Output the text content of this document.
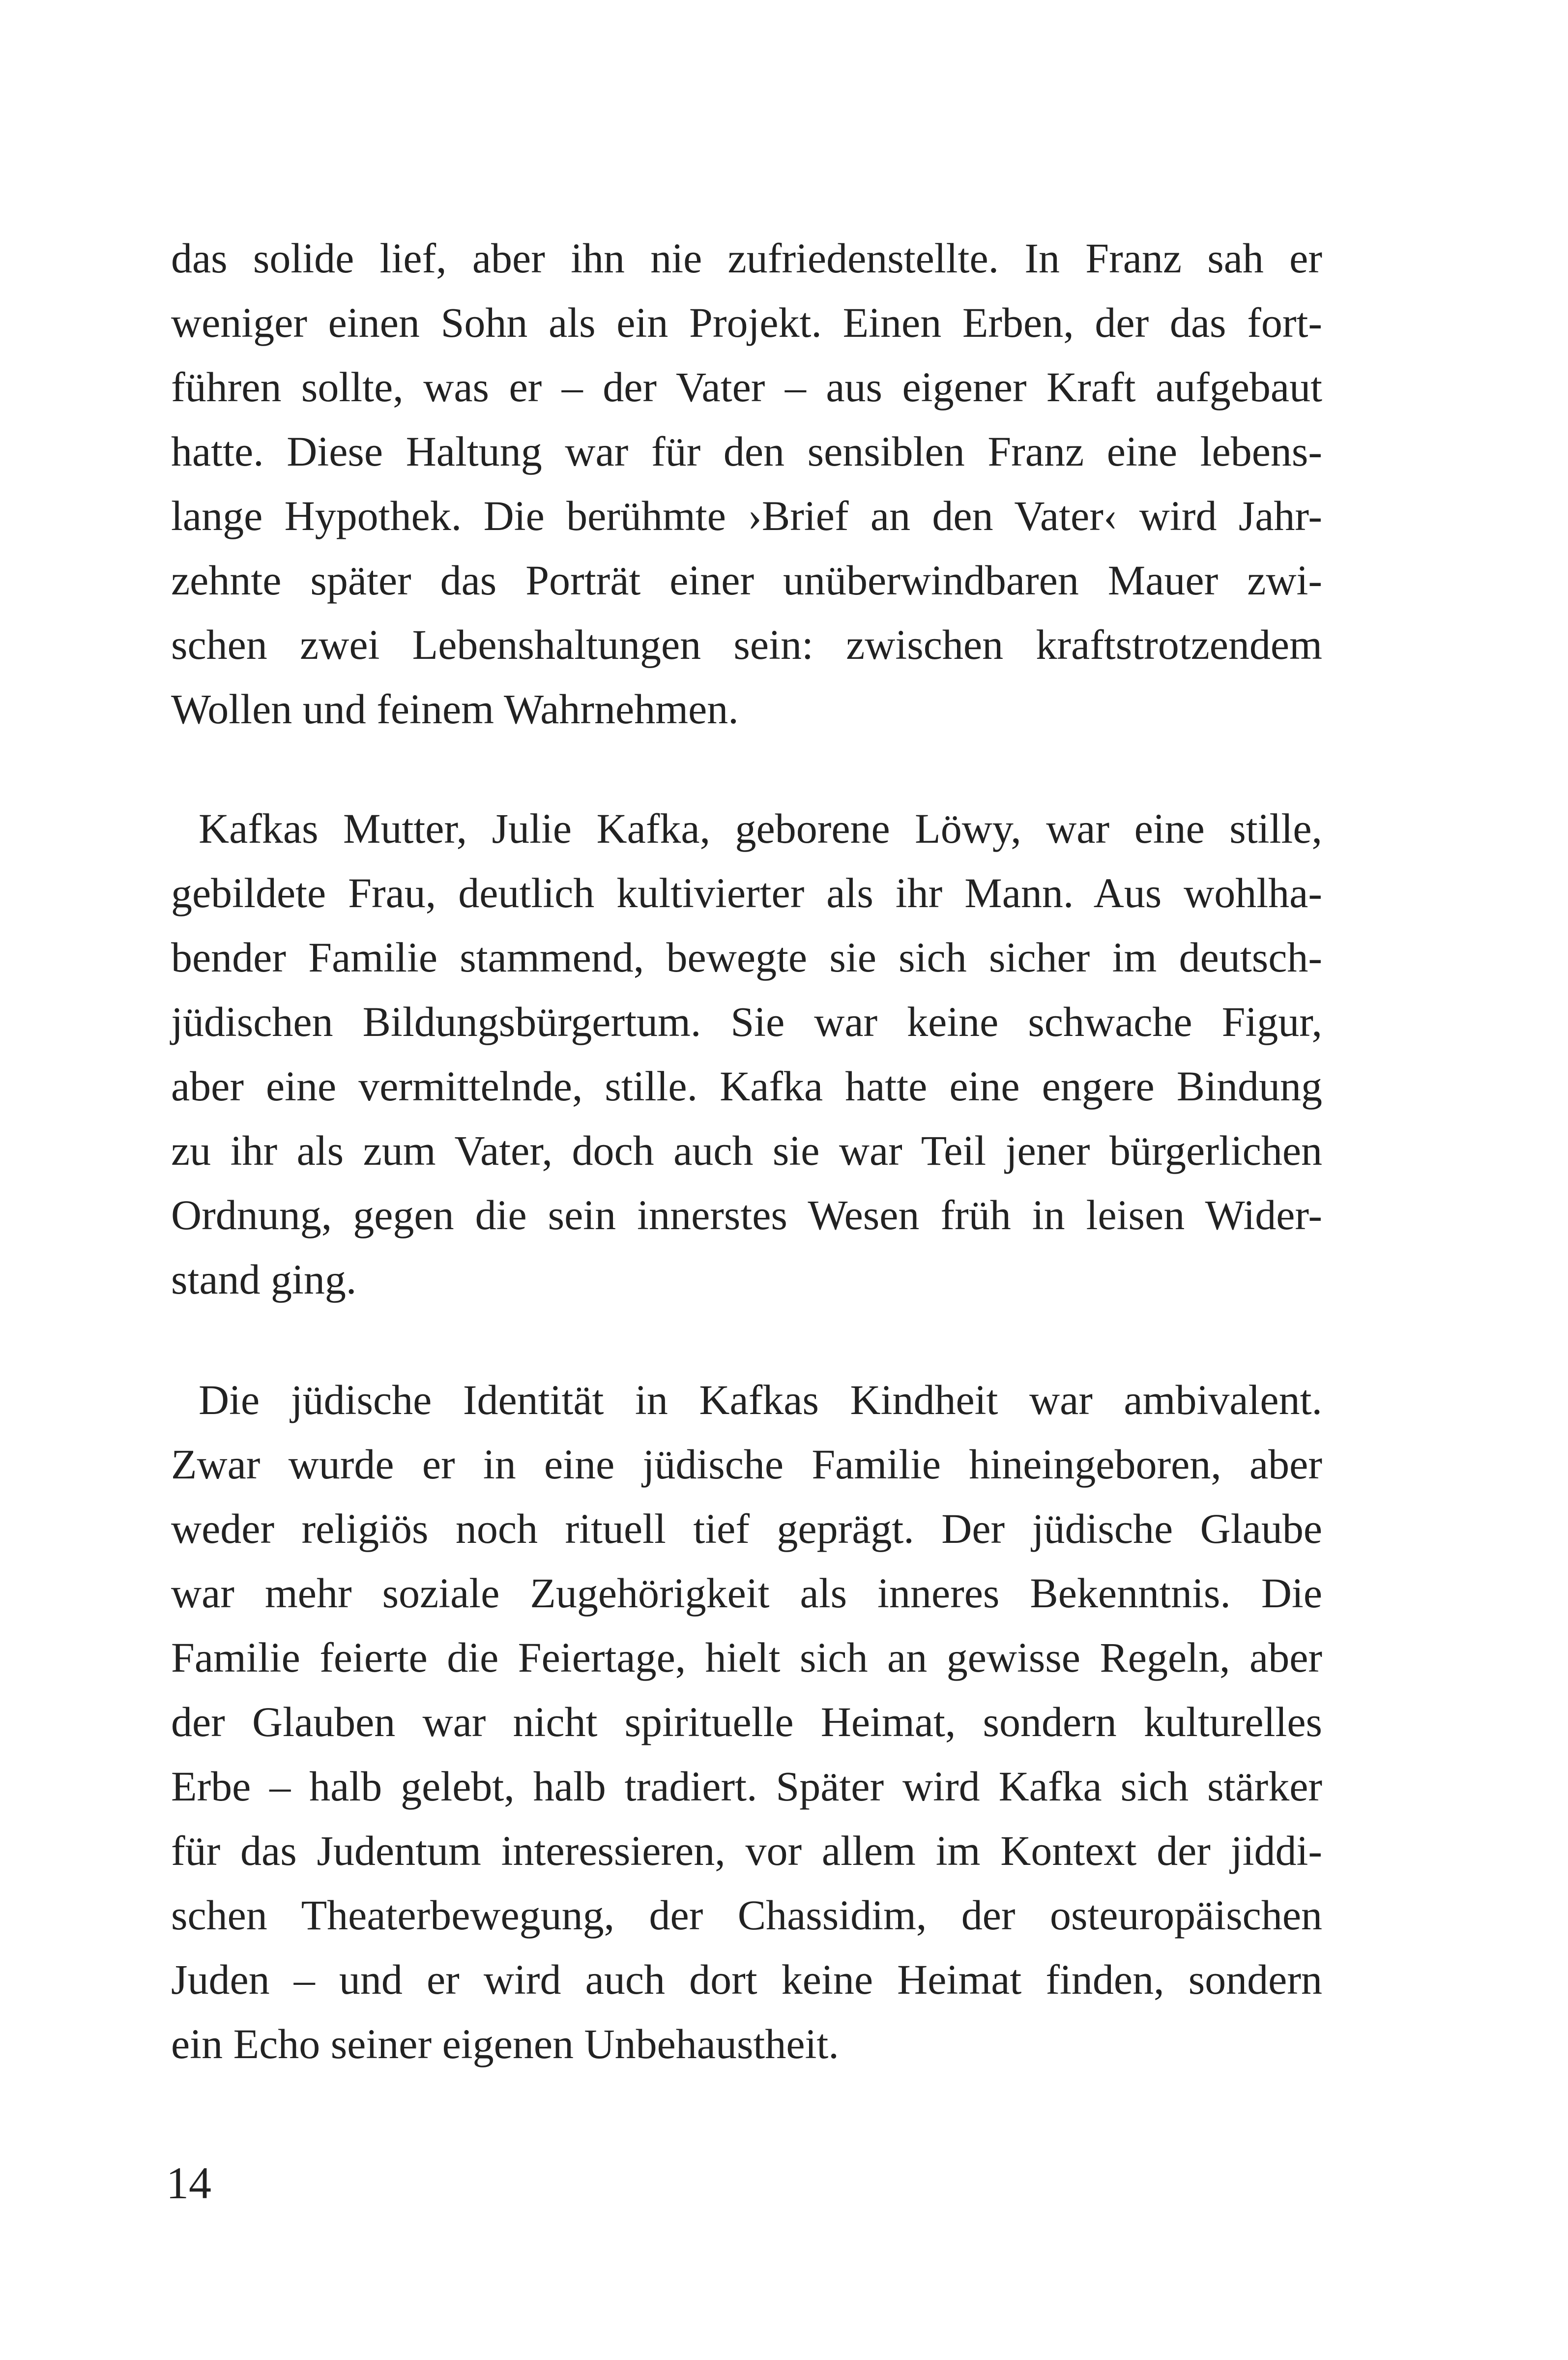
das solide lief, aber ihn nie zufriedenstellte. In Franz sah er
weniger einen Sohn als ein Projekt. Einen Erben, der das fort-
führen sollte, was er – der Vater – aus eigener Kraft aufgebaut
hatte. Diese Haltung war für den sensiblen Franz eine lebens-
lange Hypothek. Die berühmte ›Brief an den Vater‹ wird Jahr-
zehnte später das Porträt einer unüberwindbaren Mauer zwi-
schen zwei Lebenshaltungen sein: zwischen kraftstrotzendem
Wollen und feinem Wahrnehmen.
Kafkas Mutter, Julie Kafka, geborene Löwy, war eine stille,
gebildete Frau, deutlich kultivierter als ihr Mann. Aus wohlha-
bender Familie stammend, bewegte sie sich sicher im deutsch-
jüdischen Bildungsbürgertum. Sie war keine schwache Figur,
aber eine vermittelnde, stille. Kafka hatte eine engere Bindung
zu ihr als zum Vater, doch auch sie war Teil jener bürgerlichen
Ordnung, gegen die sein innerstes Wesen früh in leisen Wider-
stand ging.
Die jüdische Identität in Kafkas Kindheit war ambivalent.
Zwar wurde er in eine jüdische Familie hineingeboren, aber
weder religiös noch rituell tief geprägt. Der jüdische Glaube
war mehr soziale Zugehörigkeit als inneres Bekenntnis. Die
Familie feierte die Feiertage, hielt sich an gewisse Regeln, aber
der Glauben war nicht spirituelle Heimat, sondern kulturelles
Erbe – halb gelebt, halb tradiert. Später wird Kafka sich stärker
für das Judentum interessieren, vor allem im Kontext der jiddi-
schen Theaterbewegung, der Chassidim, der osteuropäischen
Juden – und er wird auch dort keine Heimat finden, sondern
ein Echo seiner eigenen Unbehaustheit.
14
